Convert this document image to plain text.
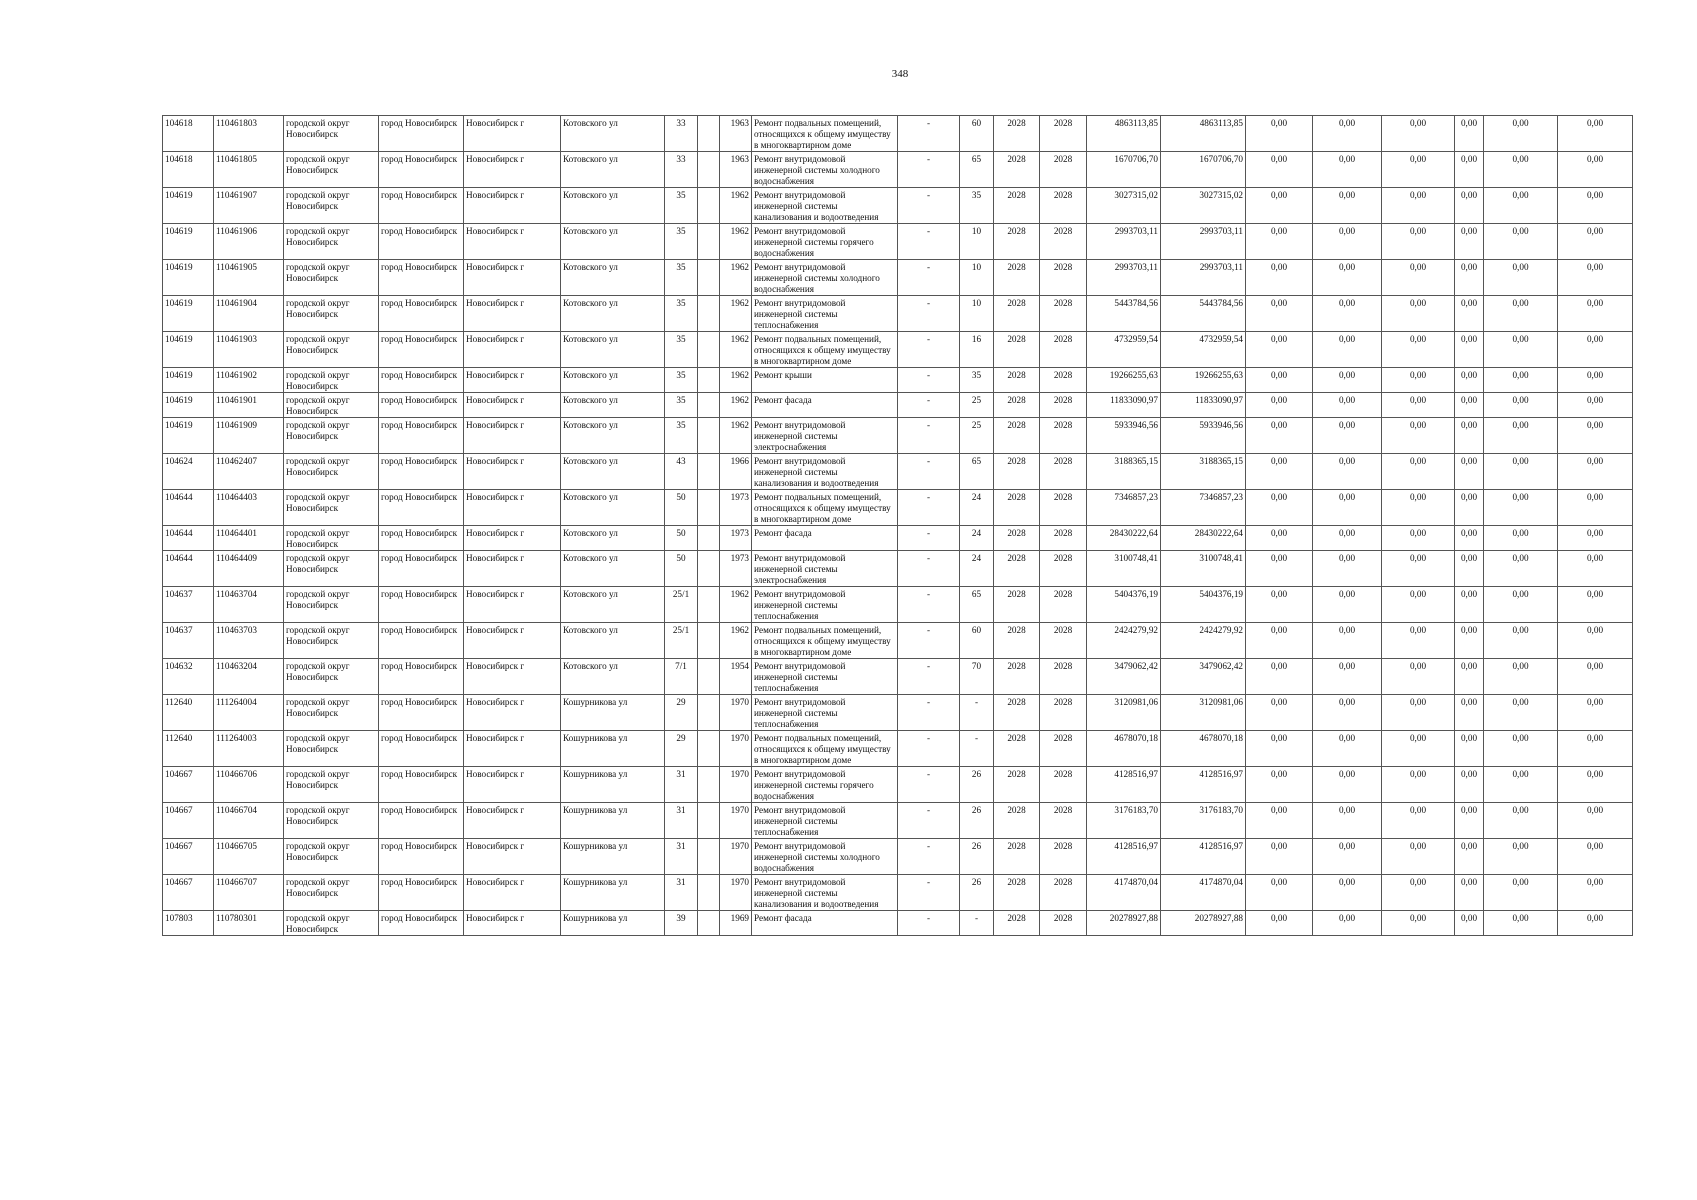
348
104618	110461803	городской округ Новосибирск	город Новосибирск	Новосибирск г	Котовского ул	33		1963	Ремонт подвальных помещений, относящихся к общему имуществу в многоквартирном доме	-	60	2028	2028	4863113,85	4863113,85	0,00	0,00	0,00	0,00	0,00	0,00
104618	110461805	городской округ Новосибирск	город Новосибирск	Новосибирск г	Котовского ул	33		1963	Ремонт внутридомовой инженерной системы холодного водоснабжения	-	65	2028	2028	1670706,70	1670706,70	0,00	0,00	0,00	0,00	0,00	0,00
104619	110461907	городской округ Новосибирск	город Новосибирск	Новосибирск г	Котовского ул	35		1962	Ремонт внутридомовой инженерной системы канализования и водоотведения	-	35	2028	2028	3027315,02	3027315,02	0,00	0,00	0,00	0,00	0,00	0,00
104619	110461906	городской округ Новосибирск	город Новосибирск	Новосибирск г	Котовского ул	35		1962	Ремонт внутридомовой инженерной системы горячего водоснабжения	-	10	2028	2028	2993703,11	2993703,11	0,00	0,00	0,00	0,00	0,00	0,00
104619	110461905	городской округ Новосибирск	город Новосибирск	Новосибирск г	Котовского ул	35		1962	Ремонт внутридомовой инженерной системы холодного водоснабжения	-	10	2028	2028	2993703,11	2993703,11	0,00	0,00	0,00	0,00	0,00	0,00
104619	110461904	городской округ Новосибирск	город Новосибирск	Новосибирск г	Котовского ул	35		1962	Ремонт внутридомовой инженерной системы теплоснабжения	-	10	2028	2028	5443784,56	5443784,56	0,00	0,00	0,00	0,00	0,00	0,00
104619	110461903	городской округ Новосибирск	город Новосибирск	Новосибирск г	Котовского ул	35		1962	Ремонт подвальных помещений, относящихся к общему имуществу в многоквартирном доме	-	16	2028	2028	4732959,54	4732959,54	0,00	0,00	0,00	0,00	0,00	0,00
104619	110461902	городской округ Новосибирск	город Новосибирск	Новосибирск г	Котовского ул	35		1962	Ремонт крыши	-	35	2028	2028	19266255,63	19266255,63	0,00	0,00	0,00	0,00	0,00	0,00
104619	110461901	городской округ Новосибирск	город Новосибирск	Новосибирск г	Котовского ул	35		1962	Ремонт фасада	-	25	2028	2028	11833090,97	11833090,97	0,00	0,00	0,00	0,00	0,00	0,00
104619	110461909	городской округ Новосибирск	город Новосибирск	Новосибирск г	Котовского ул	35		1962	Ремонт внутридомовой инженерной системы электроснабжения	-	25	2028	2028	5933946,56	5933946,56	0,00	0,00	0,00	0,00	0,00	0,00
104624	110462407	городской округ Новосибирск	город Новосибирск	Новосибирск г	Котовского ул	43		1966	Ремонт внутридомовой инженерной системы канализования и водоотведения	-	65	2028	2028	3188365,15	3188365,15	0,00	0,00	0,00	0,00	0,00	0,00
104644	110464403	городской округ Новосибирск	город Новосибирск	Новосибирск г	Котовского ул	50		1973	Ремонт подвальных помещений, относящихся к общему имуществу в многоквартирном доме	-	24	2028	2028	7346857,23	7346857,23	0,00	0,00	0,00	0,00	0,00	0,00
104644	110464401	городской округ Новосибирск	город Новосибирск	Новосибирск г	Котовского ул	50		1973	Ремонт фасада	-	24	2028	2028	28430222,64	28430222,64	0,00	0,00	0,00	0,00	0,00	0,00
104644	110464409	городской округ Новосибирск	город Новосибирск	Новосибирск г	Котовского ул	50		1973	Ремонт внутридомовой инженерной системы электроснабжения	-	24	2028	2028	3100748,41	3100748,41	0,00	0,00	0,00	0,00	0,00	0,00
104637	110463704	городской округ Новосибирск	город Новосибирск	Новосибирск г	Котовского ул	25/1		1962	Ремонт внутридомовой инженерной системы теплоснабжения	-	65	2028	2028	5404376,19	5404376,19	0,00	0,00	0,00	0,00	0,00	0,00
104637	110463703	городской округ Новосибирск	город Новосибирск	Новосибирск г	Котовского ул	25/1		1962	Ремонт подвальных помещений, относящихся к общему имуществу в многоквартирном доме	-	60	2028	2028	2424279,92	2424279,92	0,00	0,00	0,00	0,00	0,00	0,00
104632	110463204	городской округ Новосибирск	город Новосибирск	Новосибирск г	Котовского ул	7/1		1954	Ремонт внутридомовой инженерной системы теплоснабжения	-	70	2028	2028	3479062,42	3479062,42	0,00	0,00	0,00	0,00	0,00	0,00
112640	111264004	городской округ Новосибирск	город Новосибирск	Новосибирск г	Кошурникова ул	29		1970	Ремонт внутридомовой инженерной системы теплоснабжения	-	-	2028	2028	3120981,06	3120981,06	0,00	0,00	0,00	0,00	0,00	0,00
112640	111264003	городской округ Новосибирск	город Новосибирск	Новосибирск г	Кошурникова ул	29		1970	Ремонт подвальных помещений, относящихся к общему имуществу в многоквартирном доме	-	-	2028	2028	4678070,18	4678070,18	0,00	0,00	0,00	0,00	0,00	0,00
104667	110466706	городской округ Новосибирск	город Новосибирск	Новосибирск г	Кошурникова ул	31		1970	Ремонт внутридомовой инженерной системы горячего водоснабжения	-	26	2028	2028	4128516,97	4128516,97	0,00	0,00	0,00	0,00	0,00	0,00
104667	110466704	городской округ Новосибирск	город Новосибирск	Новосибирск г	Кошурникова ул	31		1970	Ремонт внутридомовой инженерной системы теплоснабжения	-	26	2028	2028	3176183,70	3176183,70	0,00	0,00	0,00	0,00	0,00	0,00
104667	110466705	городской округ Новосибирск	город Новосибирск	Новосибирск г	Кошурникова ул	31		1970	Ремонт внутридомовой инженерной системы холодного водоснабжения	-	26	2028	2028	4128516,97	4128516,97	0,00	0,00	0,00	0,00	0,00	0,00
104667	110466707	городской округ Новосибирск	город Новосибирск	Новосибирск г	Кошурникова ул	31		1970	Ремонт внутридомовой инженерной системы канализования и водоотведения	-	26	2028	2028	4174870,04	4174870,04	0,00	0,00	0,00	0,00	0,00	0,00
107803	110780301	городской округ Новосибирск	город Новосибирск	Новосибирск г	Кошурникова ул	39		1969	Ремонт фасада	-	-	2028	2028	20278927,88	20278927,88	0,00	0,00	0,00	0,00	0,00	0,00
